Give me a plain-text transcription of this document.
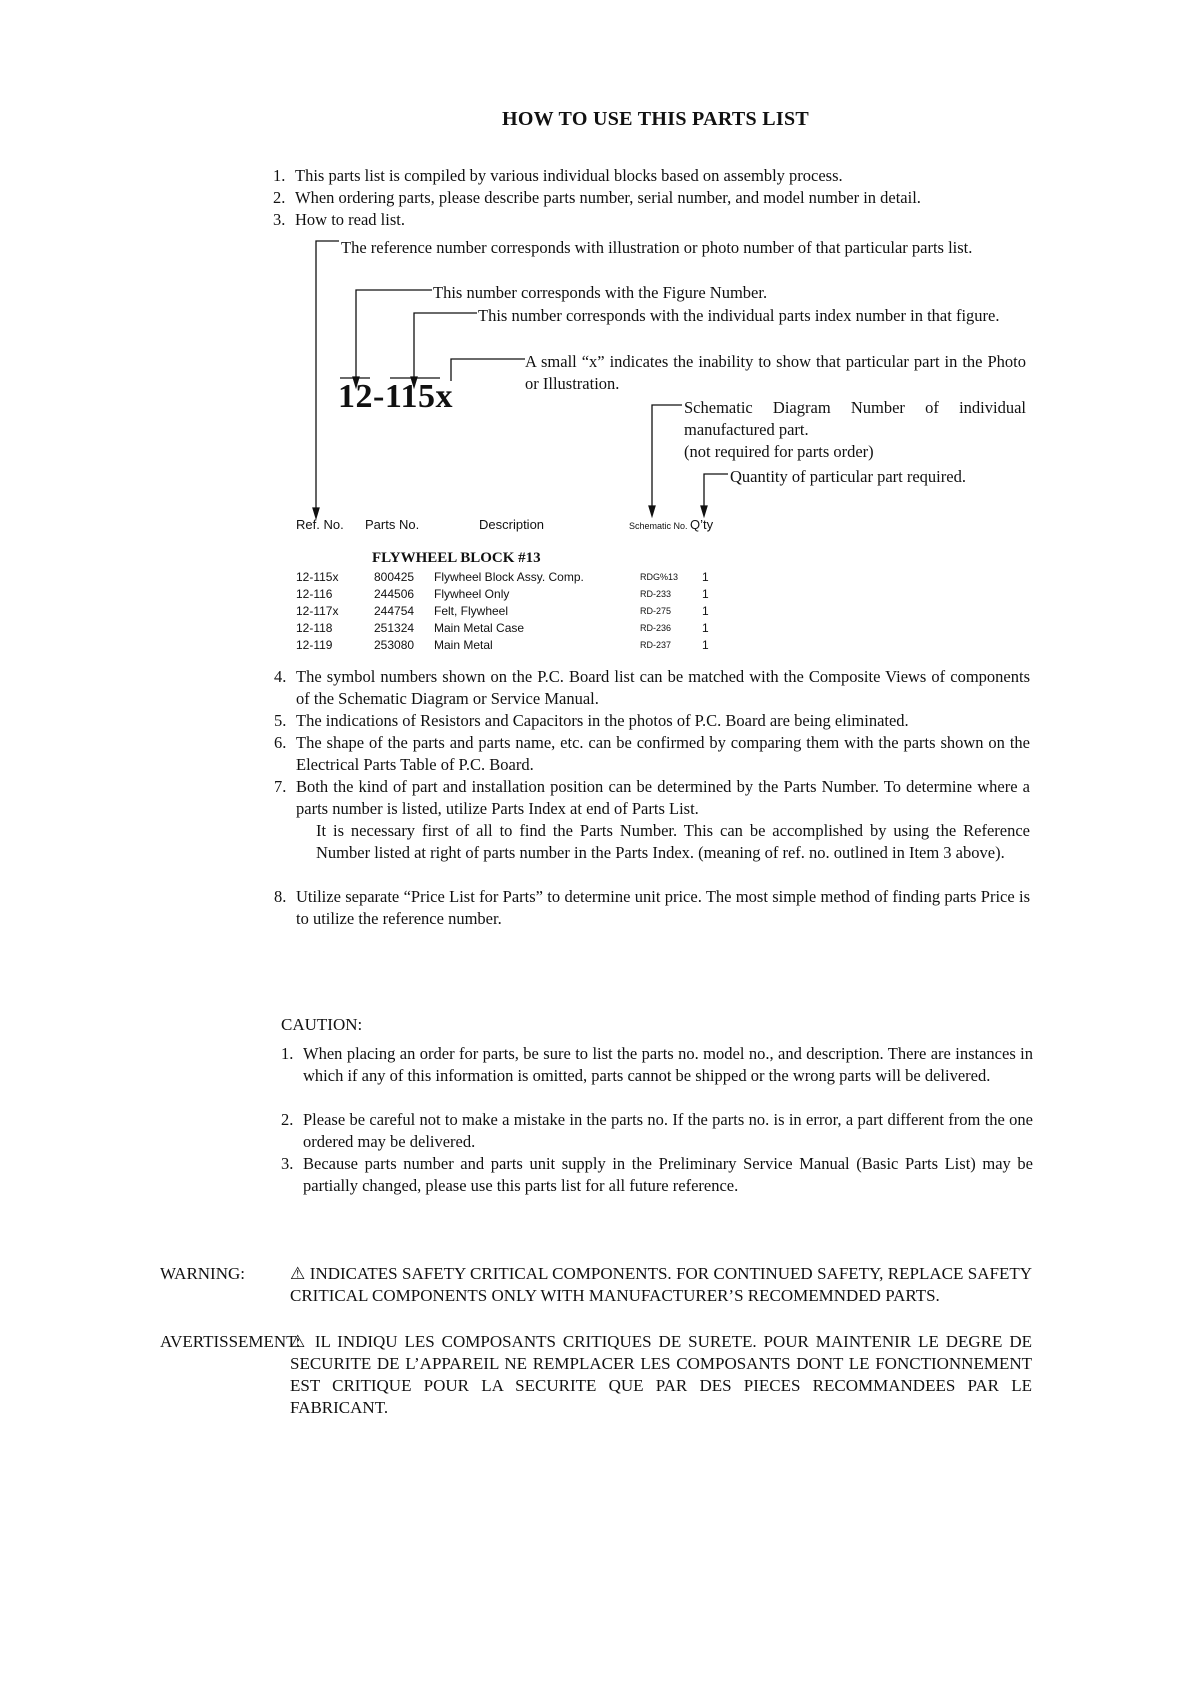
HOW TO USE THIS PARTS LIST
1. This parts list is compiled by various individual blocks based on assembly process.
2. When ordering parts, please describe parts number, serial number, and model number in detail.
3. How to read list.
The reference number corresponds with illustration or photo number of that particular parts list.
This number corresponds with the Figure Number.
This number corresponds with the individual parts index number in that figure.
A small “x” indicates the inability to show that particular part in the Photo or Illustration.
Schematic Diagram Number of individual
manufactured part.
(not required for parts order)
Quantity of particular part required.
12-115x
Ref. No. Parts No.	Description	Schematic No. Q’ty
FLYWHEEL BLOCK #13
12-115x	800425 Flywheel Block Assy. Comp.	RDG%13 1
12-116	244506 Flywheel Only	RD-233	1
12-117x	244754 Felt, Flywheel	RD-275	1
12-118	251324 Main Metal Case	RD-236	1
12-119	253080 Main Metal	RD-237	1
4. The symbol numbers shown on the P.C. Board list can be matched with the Composite Views of components of the Schematic Diagram or Service Manual.
5. The indications of Resistors and Capacitors in the photos of P.C. Board are being eliminated.
6. The shape of the parts and parts name, etc. can be confirmed by comparing them with the parts shown on the Electrical Parts Table of P.C. Board.
7. Both the kind of part and installation position can be determined by the Parts Number. To determine where a parts number is listed, utilize Parts Index at end of Parts List.
It is necessary first of all to find the Parts Number. This can be accomplished by using the Reference Number listed at right of parts number in the Parts Index. (meaning of ref. no. outlined in Item 3 above).
8. Utilize separate “Price List for Parts” to determine unit price. The most simple method of finding parts Price is to utilize the reference number.
CAUTION:
1. When placing an order for parts, be sure to list the parts no. model no., and description. There are instances in which if any of this information is omitted, parts cannot be shipped or the wrong parts will be delivered.
2. Please be careful not to make a mistake in the parts no. If the parts no. is in error, a part different from the one ordered may be delivered.
3. Because parts number and parts unit supply in the Preliminary Service Manual (Basic Parts List) may be partially changed, please use this parts list for all future reference.
WARNING:	⚠ INDICATES SAFETY CRITICAL COMPONENTS. FOR CONTINUED SAFETY, REPLACE SAFETY CRITICAL COMPONENTS ONLY WITH MANUFACTURER’S RECOMEMNDED PARTS.
AVERTISSEMENT:
⚠ IL INDIQU LES COMPOSANTS CRITIQUES DE SURETE. POUR MAINTENIR LE DEGRE DE SECURITE DE L’APPAREIL NE REMPLACER LES COMPOSANTS DONT LE FONCTIONNEMENT EST CRITIQUE POUR LA SECURITE QUE PAR DES PIECES RECOMMANDEES PAR LE FABRICANT.
